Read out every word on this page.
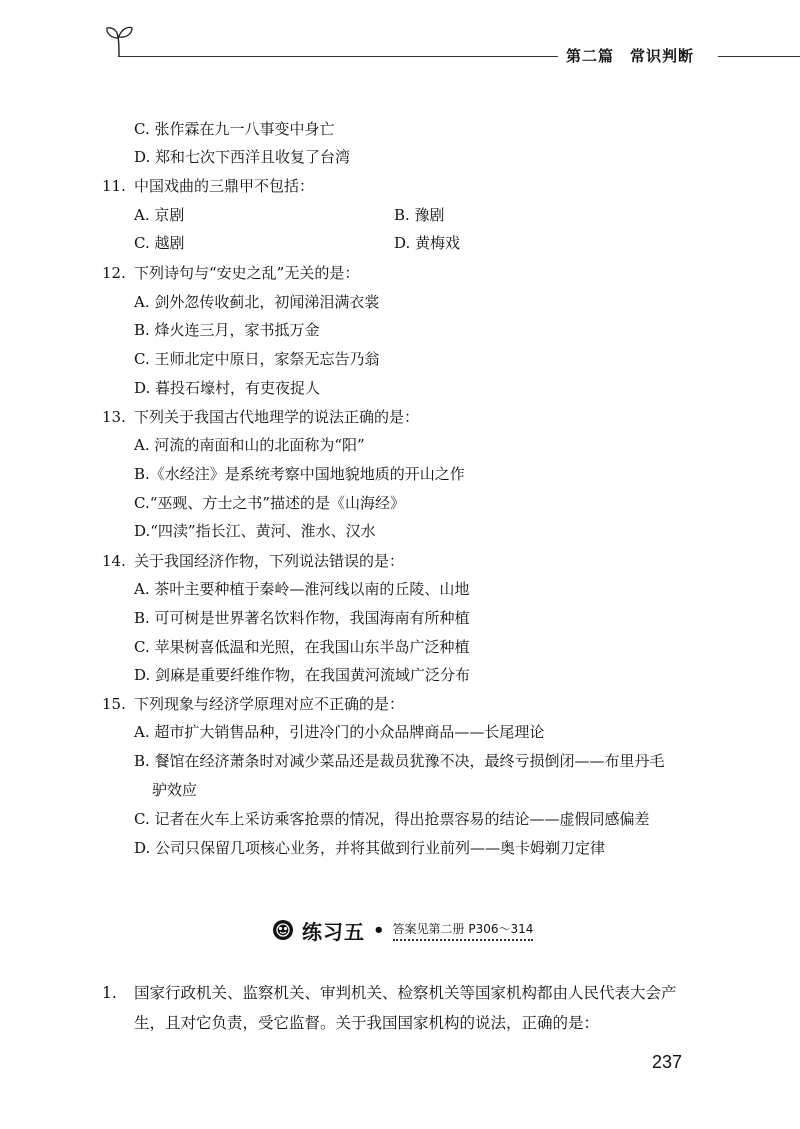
第二篇　常识判断
C. 张作霖在九一八事变中身亡
D. 郑和七次下西洋且收复了台湾
11. 中国戏曲的三鼎甲不包括：
A. 京剧	B. 豫剧
C. 越剧	D. 黄梅戏
12. 下列诗句与“安史之乱”无关的是：
A. 剑外忽传收蓟北，初闻涕泪满衣裳
B. 烽火连三月，家书抵万金
C. 王师北定中原日，家祭无忘告乃翁
D. 暮投石壕村，有吏夜捉人
13. 下列关于我国古代地理学的说法正确的是：
A. 河流的南面和山的北面称为“阳”
B.《水经注》是系统考察中国地貌地质的开山之作
C.“巫觋、方士之书”描述的是《山海经》
D.“四渎”指长江、黄河、淮水、汉水
14. 关于我国经济作物，下列说法错误的是：
A. 茶叶主要种植于秦岭—淮河线以南的丘陵、山地
B. 可可树是世界著名饮料作物，我国海南有所种植
C. 苹果树喜低温和光照，在我国山东半岛广泛种植
D. 剑麻是重要纤维作物，在我国黄河流域广泛分布
15. 下列现象与经济学原理对应不正确的是：
A. 超市扩大销售品种，引进冷门的小众品牌商品——长尾理论
B. 餐馆在经济萧条时对减少菜品还是裁员犹豫不决，最终亏损倒闭——布里丹毛
驴效应
C. 记者在火车上采访乘客抢票的情况，得出抢票容易的结论——虚假同感偏差
D. 公司只保留几项核心业务，并将其做到行业前列——奥卡姆剃刀定律
练习五 • 答案见第二册 P306～314
1. 国家行政机关、监察机关、审判机关、检察机关等国家机构都由人民代表大会产
生，且对它负责，受它监督。关于我国国家机构的说法，正确的是：
237
